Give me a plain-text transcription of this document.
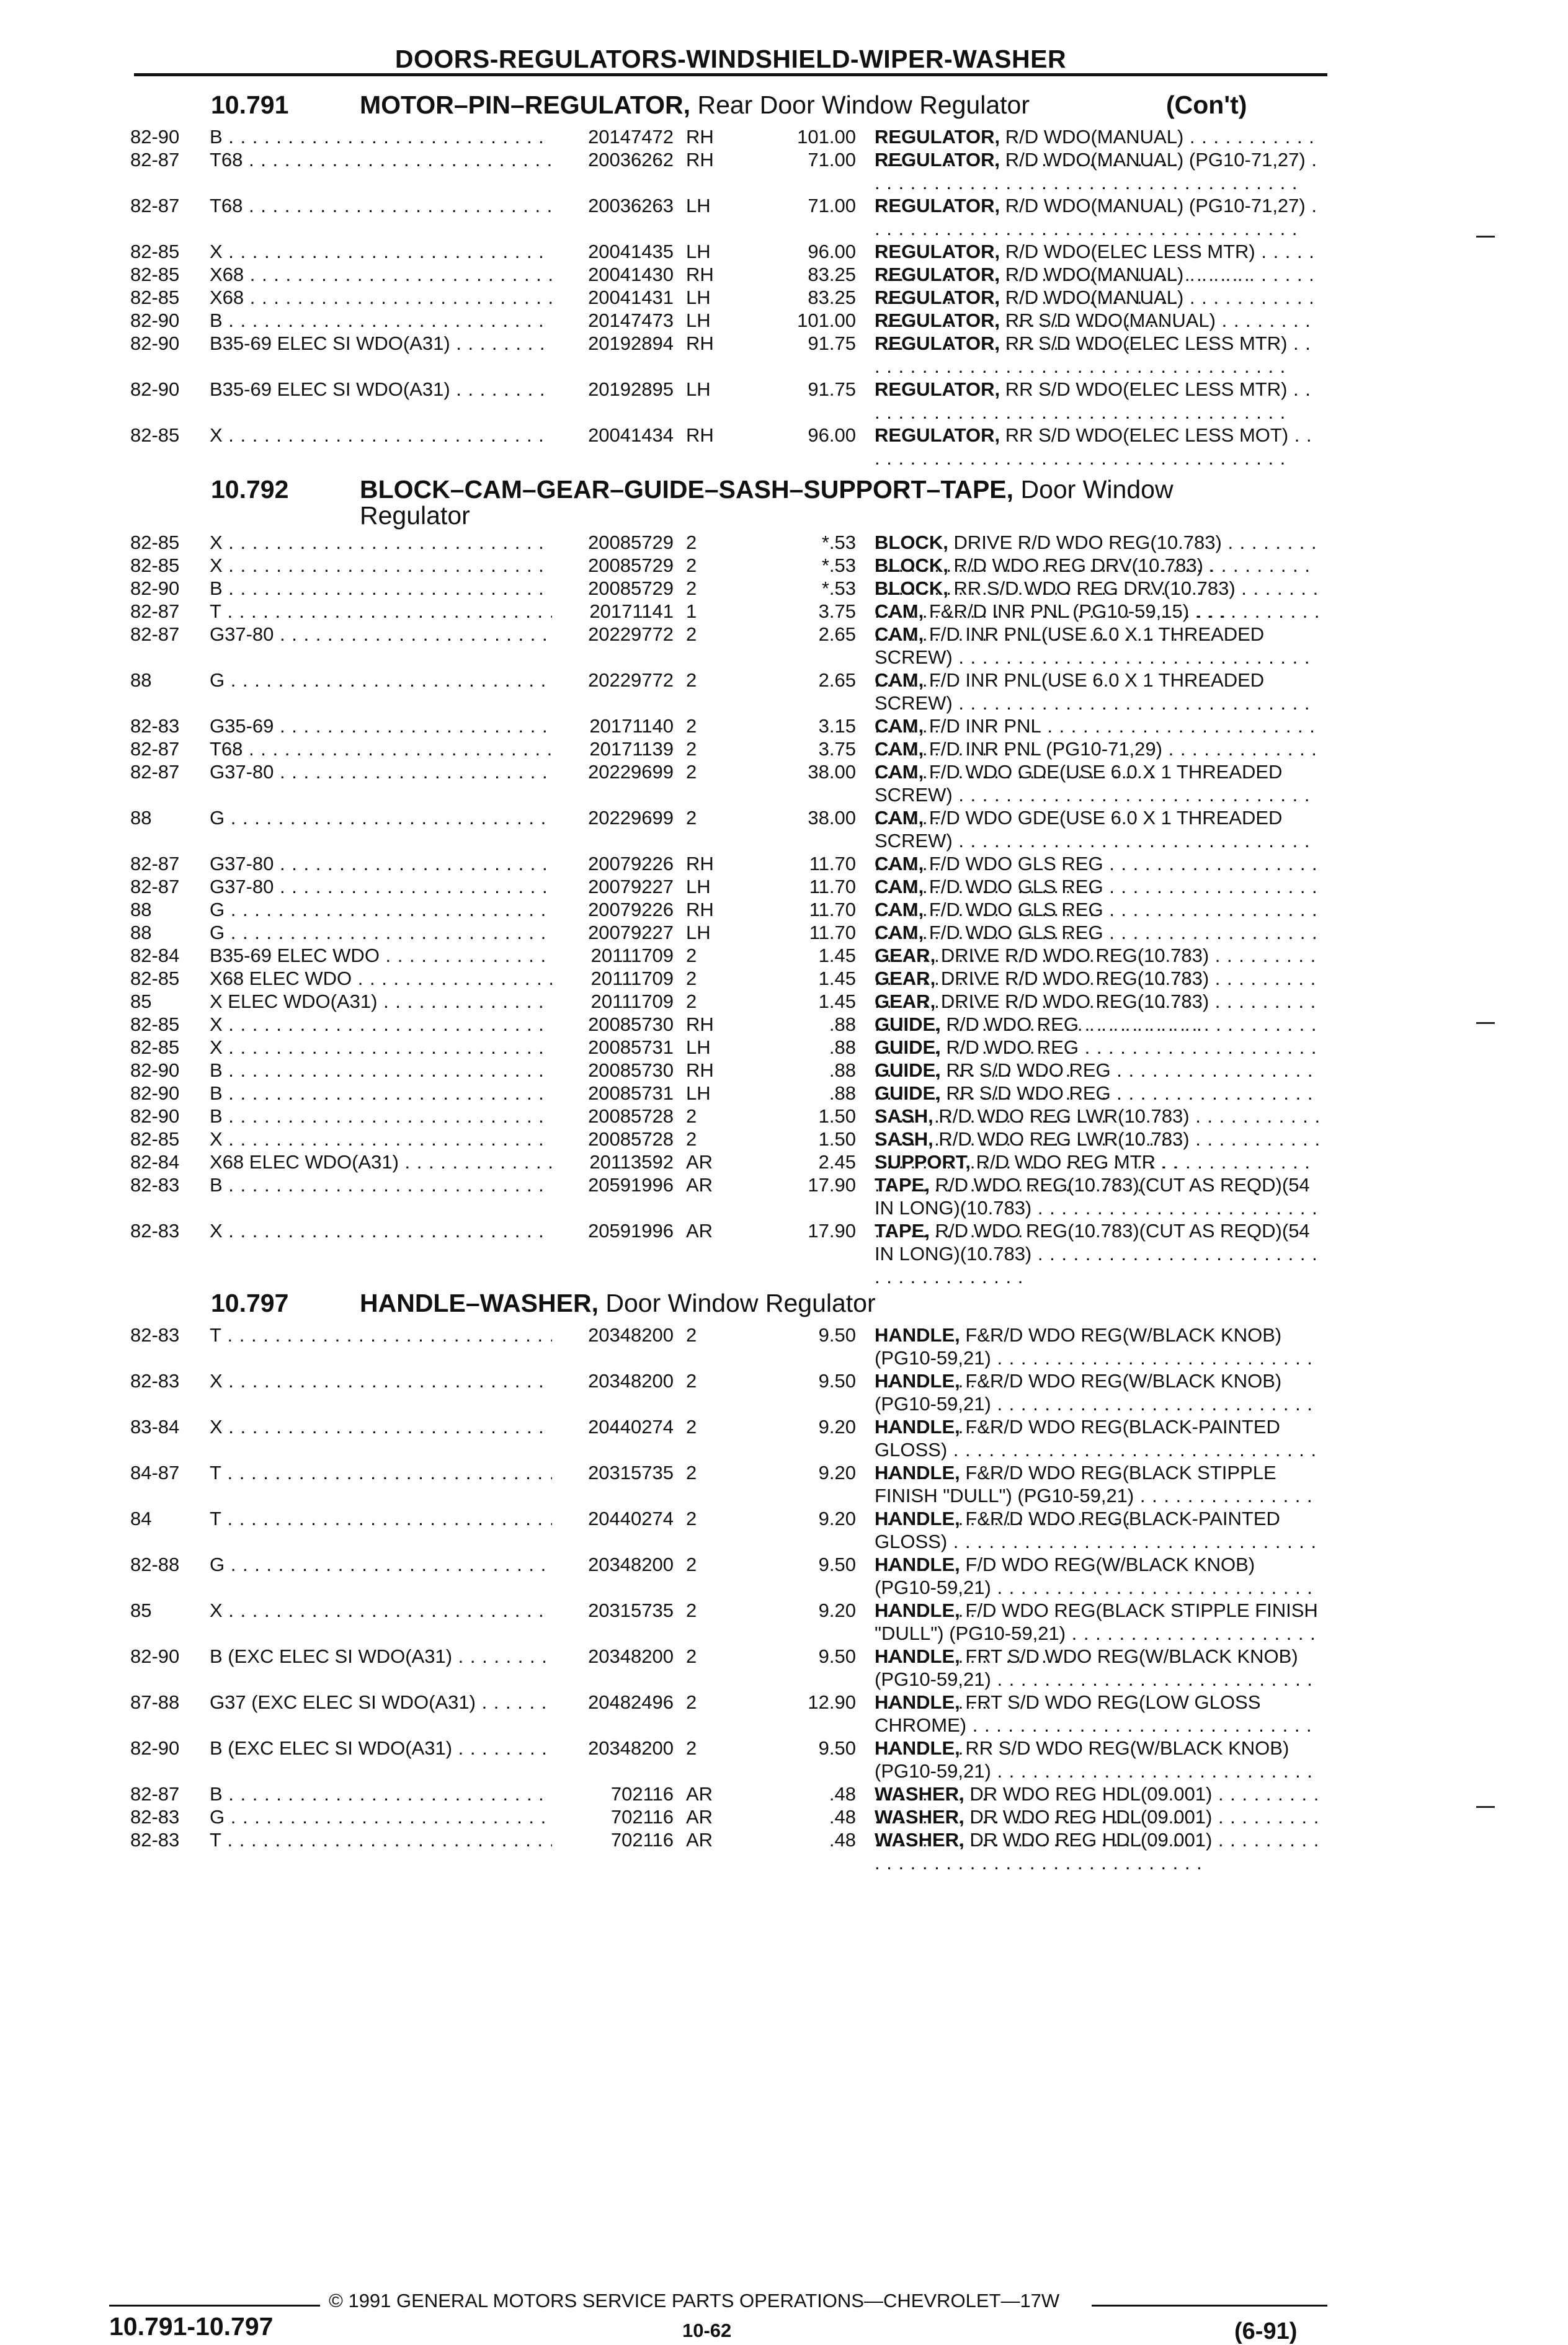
DOORS-REGULATORS-WINDSHIELD-WIPER-WASHER
10.791	MOTOR–PIN–REGULATOR, Rear Door Window Regulator	(Con't)
82-90	B . . .	20147472 RH	101.00 REGULATOR, R/D WDO(MANUAL) . . .
82-87	T68 . . .	20036262 RH	71.00 REGULATOR, R/D WDO(MANUAL) (PG10-71,27) . . .
82-87	T68 . . .	20036263 LH	71.00 REGULATOR, R/D WDO(MANUAL) (PG10-71,27) . . .
82-85	X . . .	20041435 LH	96.00 REGULATOR, R/D WDO(ELEC LESS MTR) . . .
82-85	X68 . . .	20041430 RH	83.25 REGULATOR, R/D WDO(MANUAL) . . .
82-85	X68 . . .	20041431 LH	83.25 REGULATOR, R/D WDO(MANUAL) . . .
82-90	B . . .	20147473 LH	101.00 REGULATOR, RR S/D WDO(MANUAL) . . .
82-90	B35-69 ELEC SI WDO(A31) . . .	20192894 RH	91.75 REGULATOR, RR S/D WDO(ELEC LESS MTR) . . .
82-90	B35-69 ELEC SI WDO(A31) . . .	20192895 LH	91.75 REGULATOR, RR S/D WDO(ELEC LESS MTR) . . .
82-85	X . . .	20041434 RH	96.00 REGULATOR, RR S/D WDO(ELEC LESS MOT) . . .
10.792	BLOCK–CAM–GEAR–GUIDE–SASH–SUPPORT–TAPE, Door Window
Regulator
82-85	X . . .	20085729 2	*.53 BLOCK, DRIVE R/D WDO REG(10.783) . . .
82-85	X . . .	20085729 2	*.53 BLOCK, R/D WDO REG DRV(10.783) . . .
82-90	B . . .	20085729 2	*.53 BLOCK, RR S/D WDO REG DRV(10.783) . . .
82-87	T . . .	20171141 1	3.75 CAM, F&R/D INR PNL (PG10-59,15) . . .
82-87	G37-80 . . .	20229772 2	2.65 CAM, F/D INR PNL(USE 6.0 X 1 THREADED SCREW) . . .
88	G . . .	20229772 2	2.65 CAM, F/D INR PNL(USE 6.0 X 1 THREADED SCREW) . . .
82-83	G35-69 . . .	20171140 2	3.15 CAM, F/D INR PNL . . .
82-87	T68 . . .	20171139 2	3.75 CAM, F/D INR PNL (PG10-71,29) . . .
82-87	G37-80 . . .	20229699 2	38.00 CAM, F/D WDO GDE(USE 6.0 X 1 THREADED SCREW) . . .
88	G . . .	20229699 2	38.00 CAM, F/D WDO GDE(USE 6.0 X 1 THREADED SCREW) . . .
82-87	G37-80 . . .	20079226 RH	11.70 CAM, F/D WDO GLS REG . . .
82-87	G37-80 . . .	20079227 LH	11.70 CAM, F/D WDO GLS REG . . .
88	G . . .	20079226 RH	11.70 CAM, F/D WDO GLS REG . . .
88	G . . .	20079227 LH	11.70 CAM, F/D WDO GLS REG . . .
82-84	B35-69 ELEC WDO . . .	20111709 2	1.45 GEAR, DRIVE R/D WDO REG(10.783) . . .
82-85	X68 ELEC WDO . . .	20111709 2	1.45 GEAR, DRIVE R/D WDO REG(10.783) . . .
85	X ELEC WDO(A31) . . .	20111709 2	1.45 GEAR, DRIVE R/D WDO REG(10.783) . . .
82-85	X . . .	20085730 RH	.88 GUIDE, R/D WDO REG . . .
82-85	X . . .	20085731 LH	.88 GUIDE, R/D WDO REG . . .
82-90	B . . .	20085730 RH	.88 GUIDE, RR S/D WDO REG . . .
82-90	B . . .	20085731 LH	.88 GUIDE, RR S/D WDO REG . . .
82-90	B . . .	20085728 2	1.50 SASH, R/D WDO REG LWR(10.783) . . .
82-85	X . . .	20085728 2	1.50 SASH, R/D WDO REG LWR(10.783) . . .
82-84	X68 ELEC WDO(A31) . . .	20113592 AR	2.45 SUPPORT, R/D WDO REG MTR . . .
82-83	B . . .	20591996 AR	17.90 TAPE, R/D WDO REG(10.783)(CUT AS REQD)(54 IN LONG)(10.783) . . .
82-83	X . . .	20591996 AR	17.90 TAPE, R/D WDO REG(10.783)(CUT AS REQD)(54 IN LONG)(10.783) . . .
10.797	HANDLE–WASHER, Door Window Regulator
82-83	T . . .	20348200 2	9.50 HANDLE, F&R/D WDO REG(W/BLACK KNOB) (PG10-59,21) . . .
82-83	X . . .	20348200 2	9.50 HANDLE, F&R/D WDO REG(W/BLACK KNOB) (PG10-59,21) . . .
83-84	X . . .	20440274 2	9.20 HANDLE, F&R/D WDO REG(BLACK-PAINTED GLOSS) . . .
84-87	T . . .	20315735 2	9.20 HANDLE, F&R/D WDO REG(BLACK STIPPLE FINISH "DULL") (PG10-59,21) . . .
84	T . . .	20440274 2	9.20 HANDLE, F&R/D WDO REG(BLACK-PAINTED GLOSS) . . .
82-88	G . . .	20348200 2	9.50 HANDLE, F/D WDO REG(W/BLACK KNOB) (PG10-59,21) . . .
85	X . . .	20315735 2	9.20 HANDLE, F/D WDO REG(BLACK STIPPLE FINISH "DULL") (PG10-59,21) . . .
82-90	B (EXC ELEC SI WDO(A31) . . .	20348200 2	9.50 HANDLE, FRT S/D WDO REG(W/BLACK KNOB) (PG10-59,21) . . .
87-88	G37 (EXC ELEC SI WDO(A31) . . .	20482496 2	12.90 HANDLE, FRT S/D WDO REG(LOW GLOSS CHROME) . . .
82-90	B (EXC ELEC SI WDO(A31) . . .	20348200 2	9.50 HANDLE, RR S/D WDO REG(W/BLACK KNOB) (PG10-59,21) . . .
82-87	B . . .	702116 AR	.48 WASHER, DR WDO REG HDL(09.001) . . .
82-83	G . . .	702116 AR	.48 WASHER, DR WDO REG HDL(09.001) . . .
82-83	T . . .	702116 AR	.48 WASHER, DR WDO REG HDL(09.001) . . .
© 1991 GENERAL MOTORS SERVICE PARTS OPERATIONS—CHEVROLET—17W
10.791-10.797	10-62	(6-91)
